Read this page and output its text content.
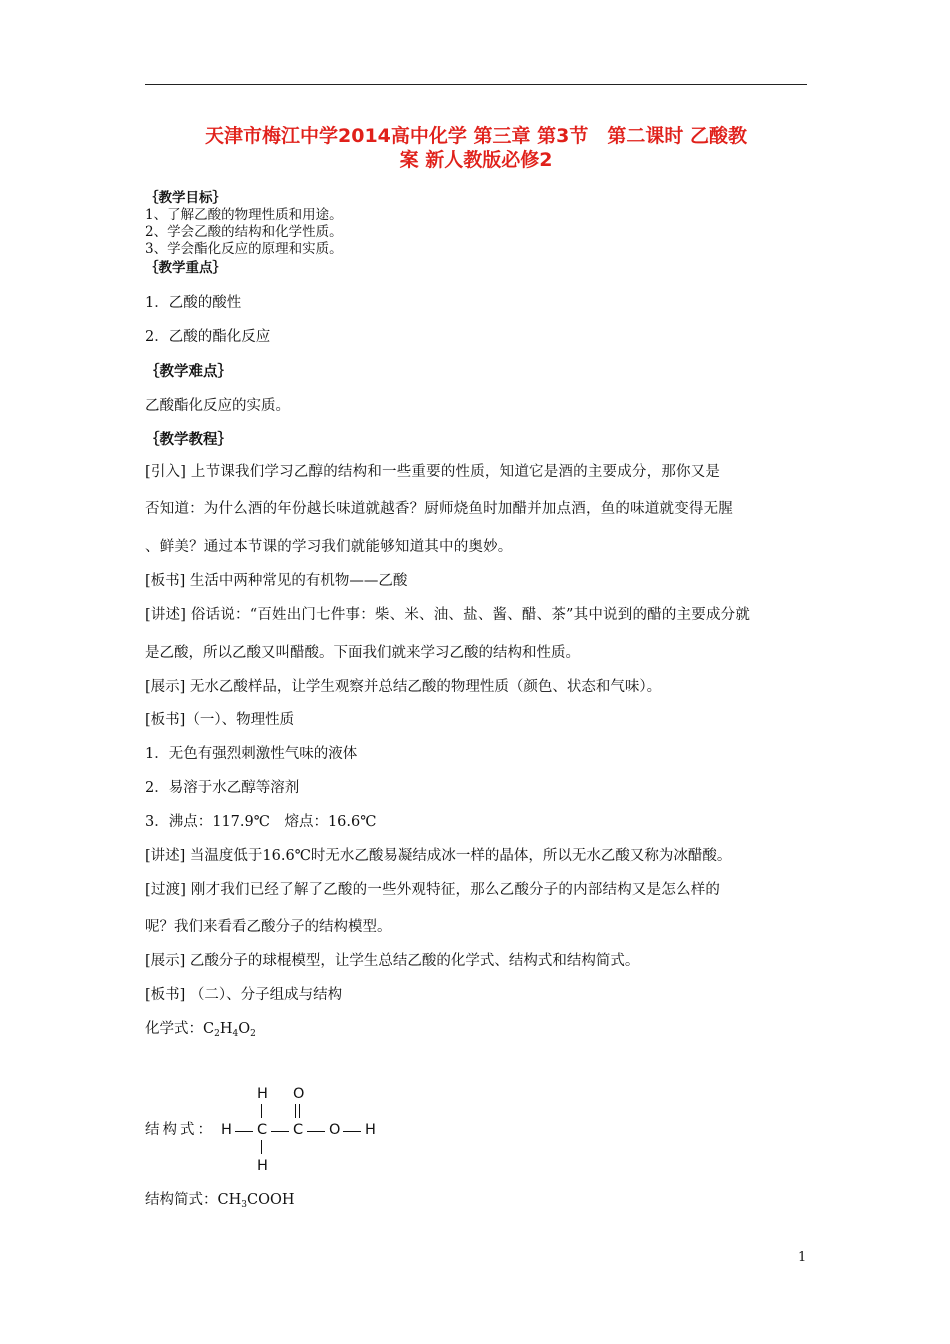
天津市梅江中学2014高中化学 第三章 第3节　第二课时 乙酸教
案 新人教版必修2
｛教学目标｝
1、了解乙酸的物理性质和用途。
2、学会乙酸的结构和化学性质。
3、学会酯化反应的原理和实质。
｛教学重点｝
1．乙酸的酸性
2．乙酸的酯化反应
｛教学难点｝
乙酸酯化反应的实质。
｛教学教程｝
[引入] 上节课我们学习乙醇的结构和一些重要的性质，知道它是酒的主要成分，那你又是
否知道：为什么酒的年份越长味道就越香？厨师烧鱼时加醋并加点酒，鱼的味道就变得无腥
、鲜美？通过本节课的学习我们就能够知道其中的奥妙。
[板书] 生活中两种常见的有机物——乙酸
[讲述] 俗话说：“百姓出门七件事：柴、米、油、盐、酱、醋、茶”其中说到的醋的主要成分就
是乙酸，所以乙酸又叫醋酸。下面我们就来学习乙酸的结构和性质。
[展示] 无水乙酸样品，让学生观察并总结乙酸的物理性质（颜色、状态和气味）。
[板书]（一）、物理性质
1．无色有强烈刺激性气味的液体
2．易溶于水乙醇等溶剂
3．沸点：117.9℃　熔点：16.6℃
[讲述] 当温度低于16.6℃时无水乙酸易凝结成冰一样的晶体，所以无水乙酸又称为冰醋酸。
[过渡] 刚才我们已经了解了乙酸的一些外观特征，那么乙酸分子的内部结构又是怎么样的
呢？我们来看看乙酸分子的结构模型。
[展示] 乙酸分子的球棍模型，让学生总结乙酸的化学式、结构式和结构简式。
[板书] （二）、分子组成与结构
化学式：$C_2H_4O_2$
结构式：
H O
H C C O H
H
结构简式：$CH_3COOH$
1
